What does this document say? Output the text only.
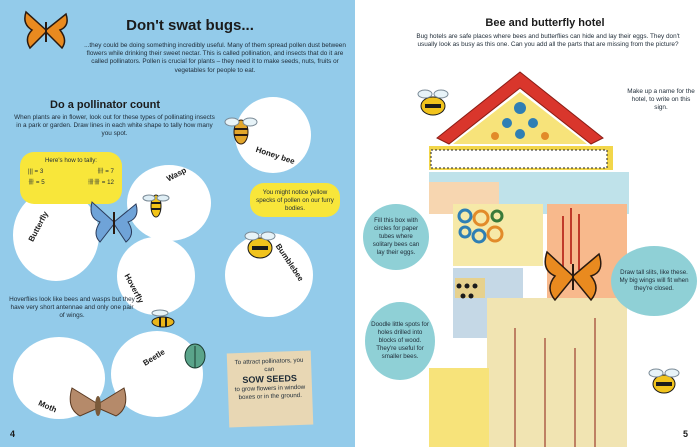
Don't swat bugs...
...they could be doing something incredibly useful. Many of them spread pollen dust between flowers while drinking their sweet nectar. This is called pollination, and insects that do it are called pollinators. Pollen is crucial for plants – they need it to make seeds, nuts, fruits or vegetables for people to eat.
Do a pollinator count
When plants are in flower, look out for these types of pollinating insects in a park or garden. Draw lines in each white shape to tally how many you spot.
Here's how to tally:
||| = 3	卌 = 7
卌 = 5	卌卌 = 12
You might notice yellow specks of pollen on our furry bodies.
Honey bee
Wasp
Butterfly
Hoverfly
Bumblebee
Beetle
Moth
Hoverflies look like bees and wasps but they have very short antennae and only one pair of wings.
To attract pollinators, you can
SOW SEEDS
to grow flowers in window boxes or in the ground.
4
Bee and butterfly hotel
Bug hotels are safe places where bees and butterflies can hide and lay their eggs. They don't usually look as busy as this one. Can you add all the parts that are missing from the picture?
Make up a name for the hotel, to write on this sign.
Fill this box with circles for paper tubes where solitary bees can lay their eggs.
Draw tall slits, like these. My big wings will fit when they're closed.
Doodle little spots for holes drilled into blocks of wood. They're useful for smaller bees.
5
